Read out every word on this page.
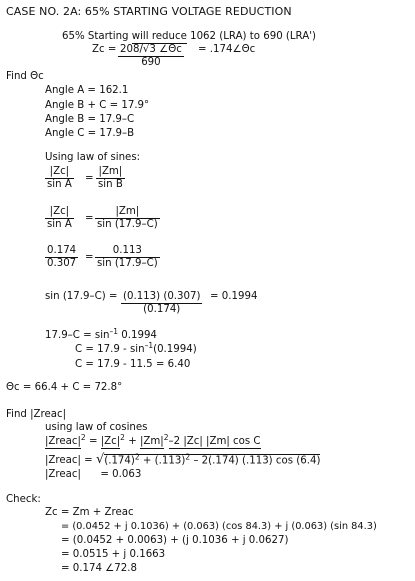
CASE NO. 2A: 65% STARTING VOLTAGE REDUCTION
65% Starting will reduce 1062 (LRA) to 690 (LRA')
$Zc = \frac{208/√3 \angle\Theta c}{690}$ = .174∠Θc
Find Θc
Angle A = 162.1
Angle B + C = 17.9°
Angle B = 17.9–C
Angle C = 17.9–B
Using law of sines:
$\frac{|Zc|}{\text{sin A}} = \frac{|Zm|}{\text{sin B}}$
$\frac{|Zc|}{\text{sin A}} = \frac{|Zm|}{\sin (17.9-C)}$
$\frac{0.174}{0.307} = \frac{0.113}{\sin (17.9-C)}$
$\sin (17.9-C) = \frac{(0.113) (0.307)}{(0.174)} = 0.1994$
$17.9-C = \sin^{-1} 0.1994$
$C = 17.9 - \sin^{-1}(0.1994)$
C = 17.9 - 11.5 = 6.40
Θc = 66.4 + C = 72.8°
Find |Zreac|
using law of cosines
$|Zreac|^2 = |Zc|^2 + |Zm|^2-2$ |Zc| |Zm| cos C
|Zreac| = $√(.174)^2 + (.113)^2 - 2(.174)$ (.113) cos (6.4)
|Zreac| = 0.063
Check:
Zc = Zm + Zreac
= (0.0452 + j 0.1036) + (0.063) (cos 84.3) + j (0.063) (sin 84.3)
= (0.0452 + 0.0063) + (j 0.1036 + j 0.0627)
= 0.0515 + j 0.1663
= 0.174 ∠72.8
